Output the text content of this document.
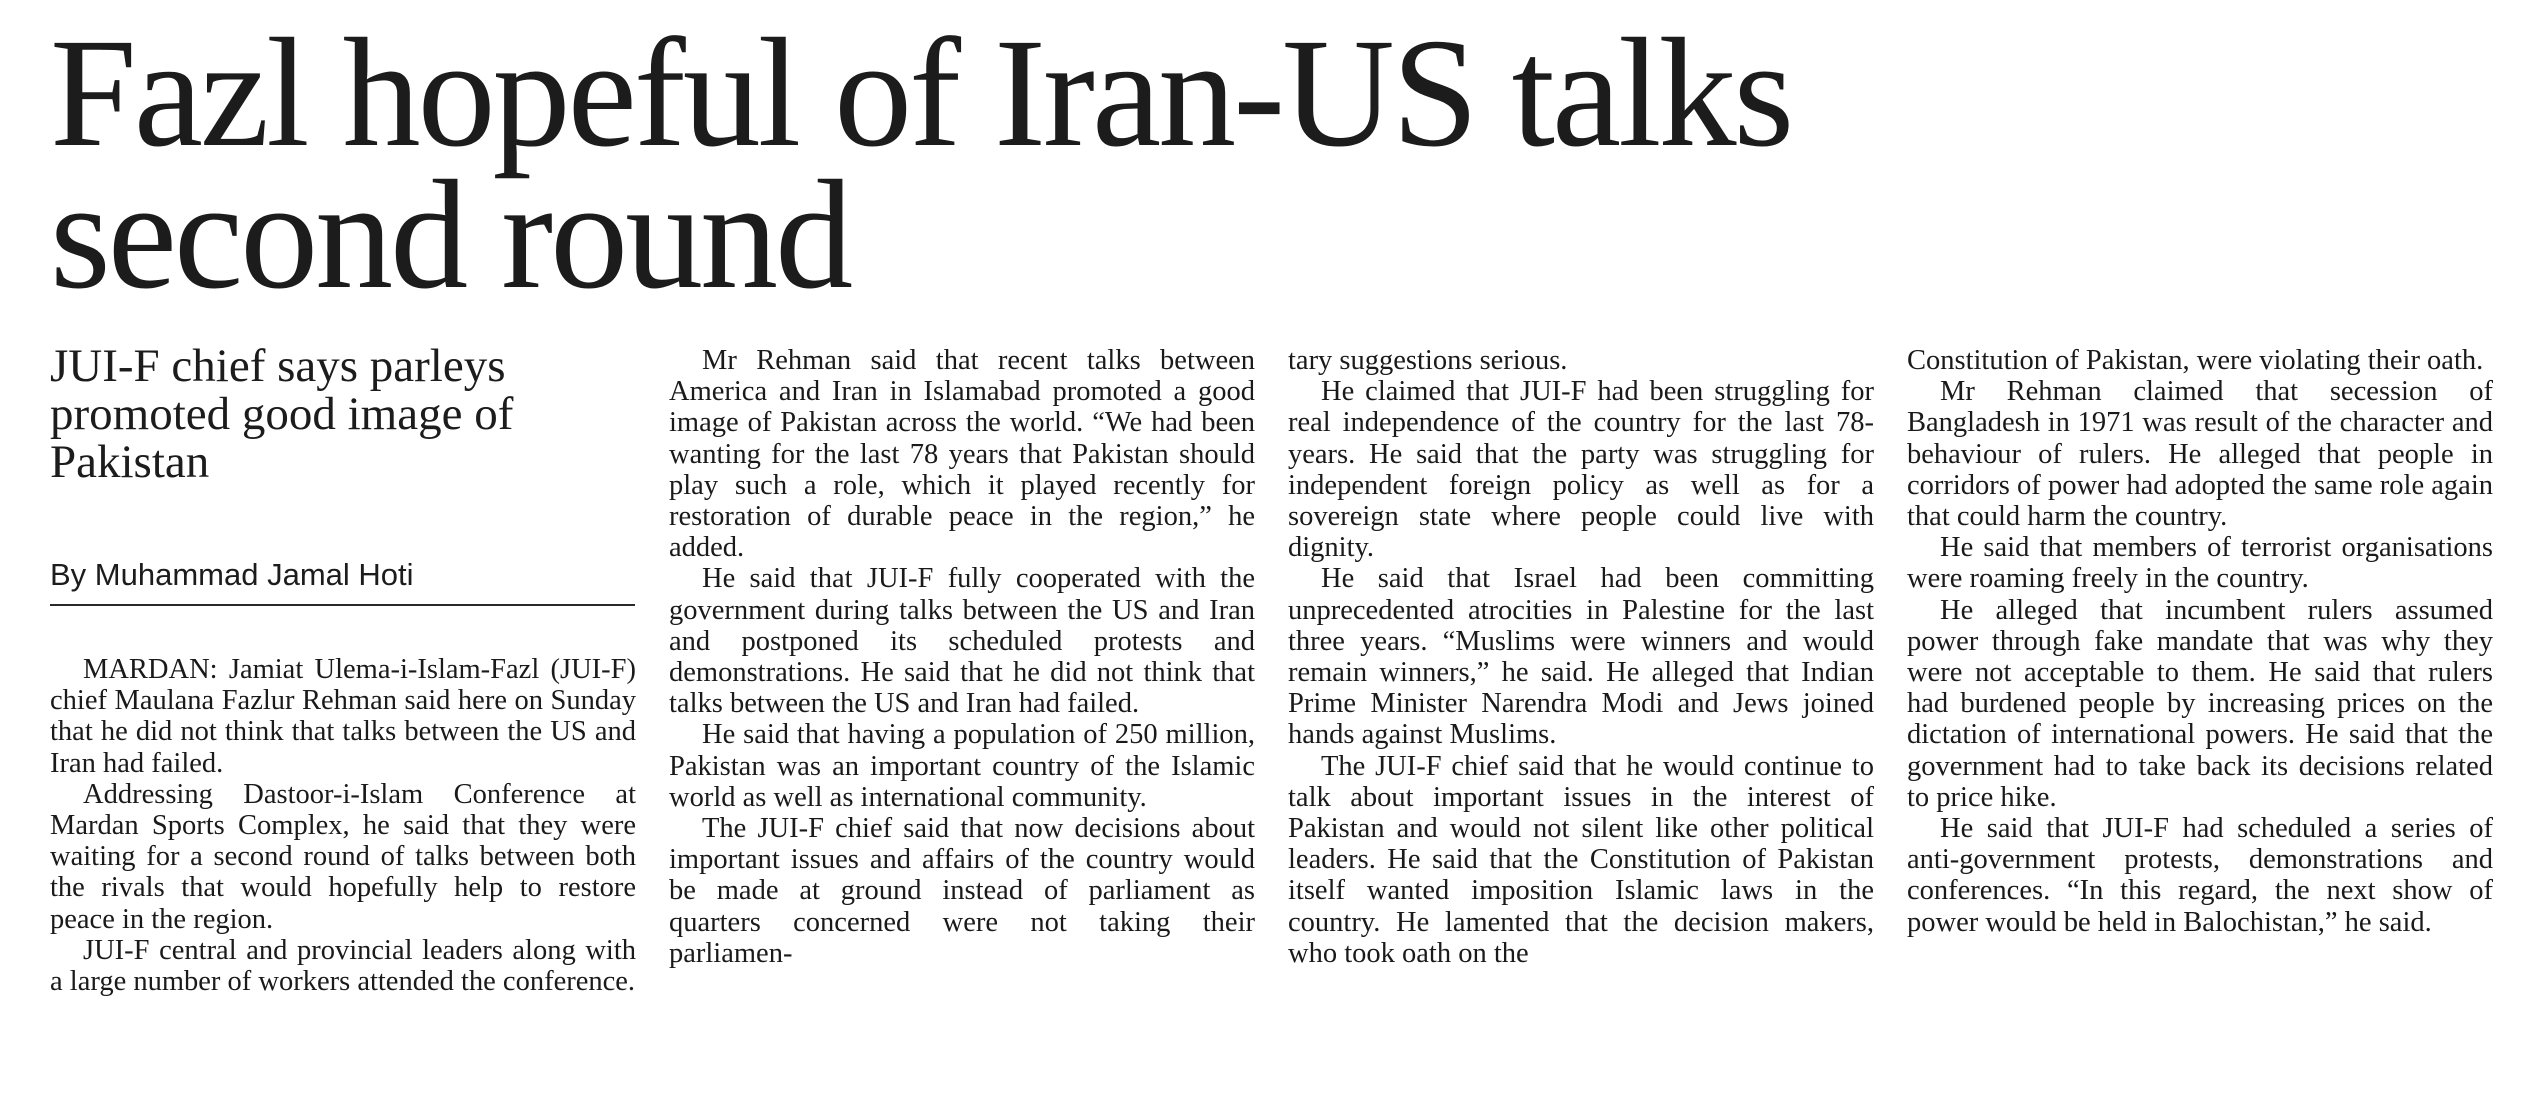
Fazl hopeful of Iran-US talks second round
JUI-F chief says parleys promoted good image of Pakistan
By Muhammad Jamal Hoti

MARDAN: Jamiat Ulema-i-Islam-Fazl (JUI-F) chief Maulana Fazlur Rehman said here on Sunday that he did not think that talks between the US and Iran had failed.

Addressing Dastoor-i-Islam Conference at Mardan Sports Complex, he said that they were waiting for a second round of talks between both the rivals that would hopefully help to restore peace in the region.

JUI-F central and provincial leaders along with a large number of workers attended the conference.

Mr Rehman said that recent talks between America and Iran in Islamabad promoted a good image of Pakistan across the world. “We had been wanting for the last 78 years that Pakistan should play such a role, which it played recently for restoration of durable peace in the region,” he added.

He said that JUI-F fully cooperated with the government during talks between the US and Iran and postponed its scheduled protests and demonstrations. He said that he did not think that talks between the US and Iran had failed.

He said that having a population of 250 million, Pakistan was an important country of the Islamic world as well as international community.

The JUI-F chief said that now decisions about important issues and affairs of the country would be made at ground instead of parliament as quarters concerned were not taking their parliamen-

tary suggestions serious.

He claimed that JUI-F had been struggling for real independence of the country for the last 78-years. He said that the party was struggling for independent foreign policy as well as for a sovereign state where people could live with dignity.

He said that Israel had been committing unprecedented atrocities in Palestine for the last three years. “Muslims were winners and would remain winners,” he said. He alleged that Indian Prime Minister Narendra Modi and Jews joined hands against Muslims.

The JUI-F chief said that he would continue to talk about important issues in the interest of Pakistan and would not silent like other political leaders. He said that the Constitution of Pakistan itself wanted imposition Islamic laws in the country. He lamented that the decision makers, who took oath on the

Constitution of Pakistan, were violating their oath.

Mr Rehman claimed that secession of Bangladesh in 1971 was result of the character and behaviour of rulers. He alleged that people in corridors of power had adopted the same role again that could harm the country.

He said that members of terrorist organisations were roaming freely in the country.

He alleged that incumbent rulers assumed power through fake mandate that was why they were not acceptable to them. He said that rulers had burdened people by increasing prices on the dictation of international powers. He said that the government had to take back its decisions related to price hike.

He said that JUI-F had scheduled a series of anti-government protests, demonstrations and conferences. “In this regard, the next show of power would be held in Balochistan,” he said.
